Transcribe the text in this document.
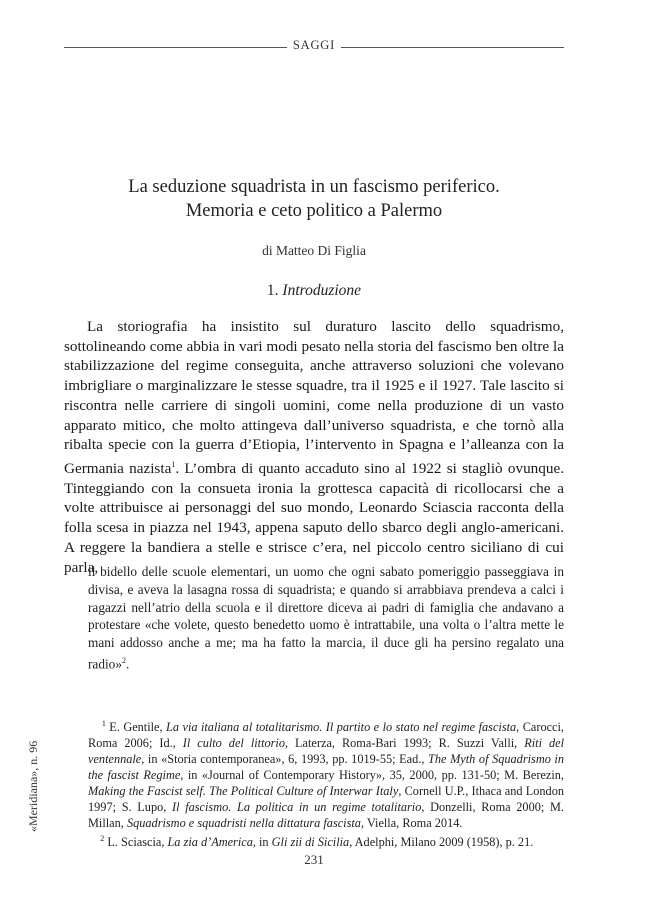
SAGGI
La seduzione squadrista in un fascismo periferico.
Memoria e ceto politico a Palermo
di Matteo Di Figlia
1. Introduzione

La storiografia ha insistito sul duraturo lascito dello squadrismo, sottolineando come abbia in vari modi pesato nella storia del fascismo ben oltre la stabilizzazione del regime conseguita, anche attraverso soluzioni che volevano imbrigliare o marginalizzare le stesse squadre, tra il 1925 e il 1927. Tale lascito si riscontra nelle carriere di singoli uomini, come nella produzione di un vasto apparato mitico, che molto attingeva dall’universo squadrista, e che tornò alla ribalta specie con la guerra d’Etiopia, l’intervento in Spagna e l’alleanza con la Germania nazista$^1$. L’ombra di quanto accaduto sino al 1922 si stagliò ovunque. Tinteggiando con la consueta ironia la grottesca capacità di ricollocarsi che a volte attribuisce ai personaggi del suo mondo, Leonardo Sciascia racconta della folla scesa in piazza nel 1943, appena saputo dello sbarco degli anglo-americani. A reggere la bandiera a stelle e strisce c’era, nel piccolo centro siciliano di cui parla,

il bidello delle scuole elementari, un uomo che ogni sabato pomeriggio passeggiava in divisa, e aveva la lasagna rossa di squadrista; e quando si arrabbiava prendeva a calci i ragazzi nell’atrio della scuola e il direttore diceva ai padri di famiglia che andavano a protestare «che volete, questo benedetto uomo è intrattabile, una volta o l’altra mette le mani addosso anche a me; ma ha fatto la marcia, il duce gli ha persino regalato una radio»$^2$.

$^1$ E. Gentile, La via italiana al totalitarismo. Il partito e lo stato nel regime fascista, Carocci, Roma 2006; Id., Il culto del littorio, Laterza, Roma-Bari 1993; R. Suzzi Valli, Riti del ventennale, in «Storia contemporanea», 6, 1993, pp. 1019-55; Ead., The Myth of Squadrismo in the fascist Regime, in «Journal of Contemporary History», 35, 2000, pp. 131-50; M. Berezin, Making the Fascist self. The Political Culture of Interwar Italy, Cornell U.P., Ithaca and London 1997; S. Lupo, Il fascismo. La politica in un regime totalitario, Donzelli, Roma 2000; M. Millan, Squadrismo e squadristi nella dittatura fascista, Viella, Roma 2014.

$^2$ L. Sciascia, La zia d’America, in Gli zii di Sicilia, Adelphi, Milano 2009 (1958), p. 21.

«Meridiana», n. 96
231
